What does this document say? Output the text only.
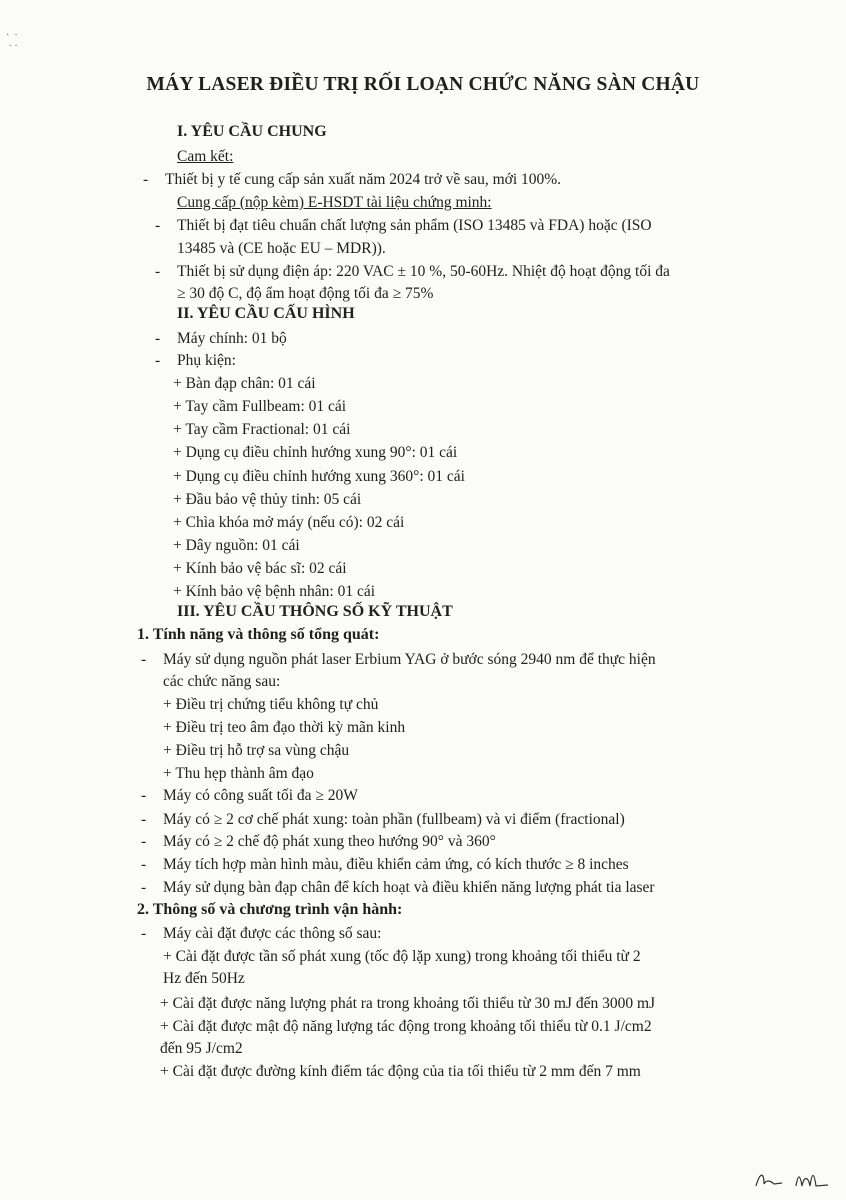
·  ·
· ·
MÁY LASER ĐIỀU TRỊ RỐI LOẠN CHỨC NĂNG SÀN CHẬU
I. YÊU CẦU CHUNG
Cam kết:
- Thiết bị y tế cung cấp sản xuất năm 2024 trở về sau, mới 100%.
Cung cấp (nộp kèm) E-HSDT tài liệu chứng minh:
- Thiết bị đạt tiêu chuẩn chất lượng sản phẩm (ISO 13485 và FDA) hoặc (ISO
13485 và (CE hoặc EU – MDR)).
- Thiết bị sử dụng điện áp: 220 VAC ± 10 %, 50-60Hz. Nhiệt độ hoạt động tối đa
≥ 30 độ C, độ ẩm hoạt động tối đa ≥ 75%
II. YÊU CẦU CẤU HÌNH
- Máy chính: 01 bộ
- Phụ kiện:
+ Bàn đạp chân: 01 cái
+ Tay cầm Fullbeam: 01 cái
+ Tay cầm Fractional: 01 cái
+ Dụng cụ điều chỉnh hướng xung 90°: 01 cái
+ Dụng cụ điều chỉnh hướng xung 360°: 01 cái
+ Đầu bảo vệ thủy tinh: 05 cái
+ Chìa khóa mở máy (nếu có): 02 cái
+ Dây nguồn: 01 cái
+ Kính bảo vệ bác sĩ: 02 cái
+ Kính bảo vệ bệnh nhân: 01 cái
III. YÊU CẦU THÔNG SỐ KỸ THUẬT
1. Tính năng và thông số tổng quát:
- Máy sử dụng nguồn phát laser Erbium YAG ở bước sóng 2940 nm để thực hiện
các chức năng sau:
+ Điều trị chứng tiểu không tự chủ
+ Điều trị teo âm đạo thời kỳ mãn kinh
+ Điều trị hỗ trợ sa vùng chậu
+ Thu hẹp thành âm đạo
- Máy có công suất tối đa ≥ 20W
- Máy có ≥ 2 cơ chế phát xung: toàn phần (fullbeam) và vi điểm (fractional)
- Máy có ≥ 2 chế độ phát xung theo hướng 90° và 360°
- Máy tích hợp màn hình màu, điều khiển cảm ứng, có kích thước ≥ 8 inches
- Máy sử dụng bàn đạp chân để kích hoạt và điều khiển năng lượng phát tia laser
2. Thông số và chương trình vận hành:
- Máy cài đặt được các thông số sau:
+ Cài đặt được tần số phát xung (tốc độ lặp xung) trong khoảng tối thiểu từ 2
Hz đến 50Hz
+ Cài đặt được năng lượng phát ra trong khoảng tối thiểu từ 30 mJ đến 3000 mJ
+ Cài đặt được mật độ năng lượng tác động trong khoảng tối thiểu từ 0.1 J/cm2
đến 95 J/cm2
+ Cài đặt được đường kính điểm tác động của tia tối thiểu từ 2 mm đến 7 mm
